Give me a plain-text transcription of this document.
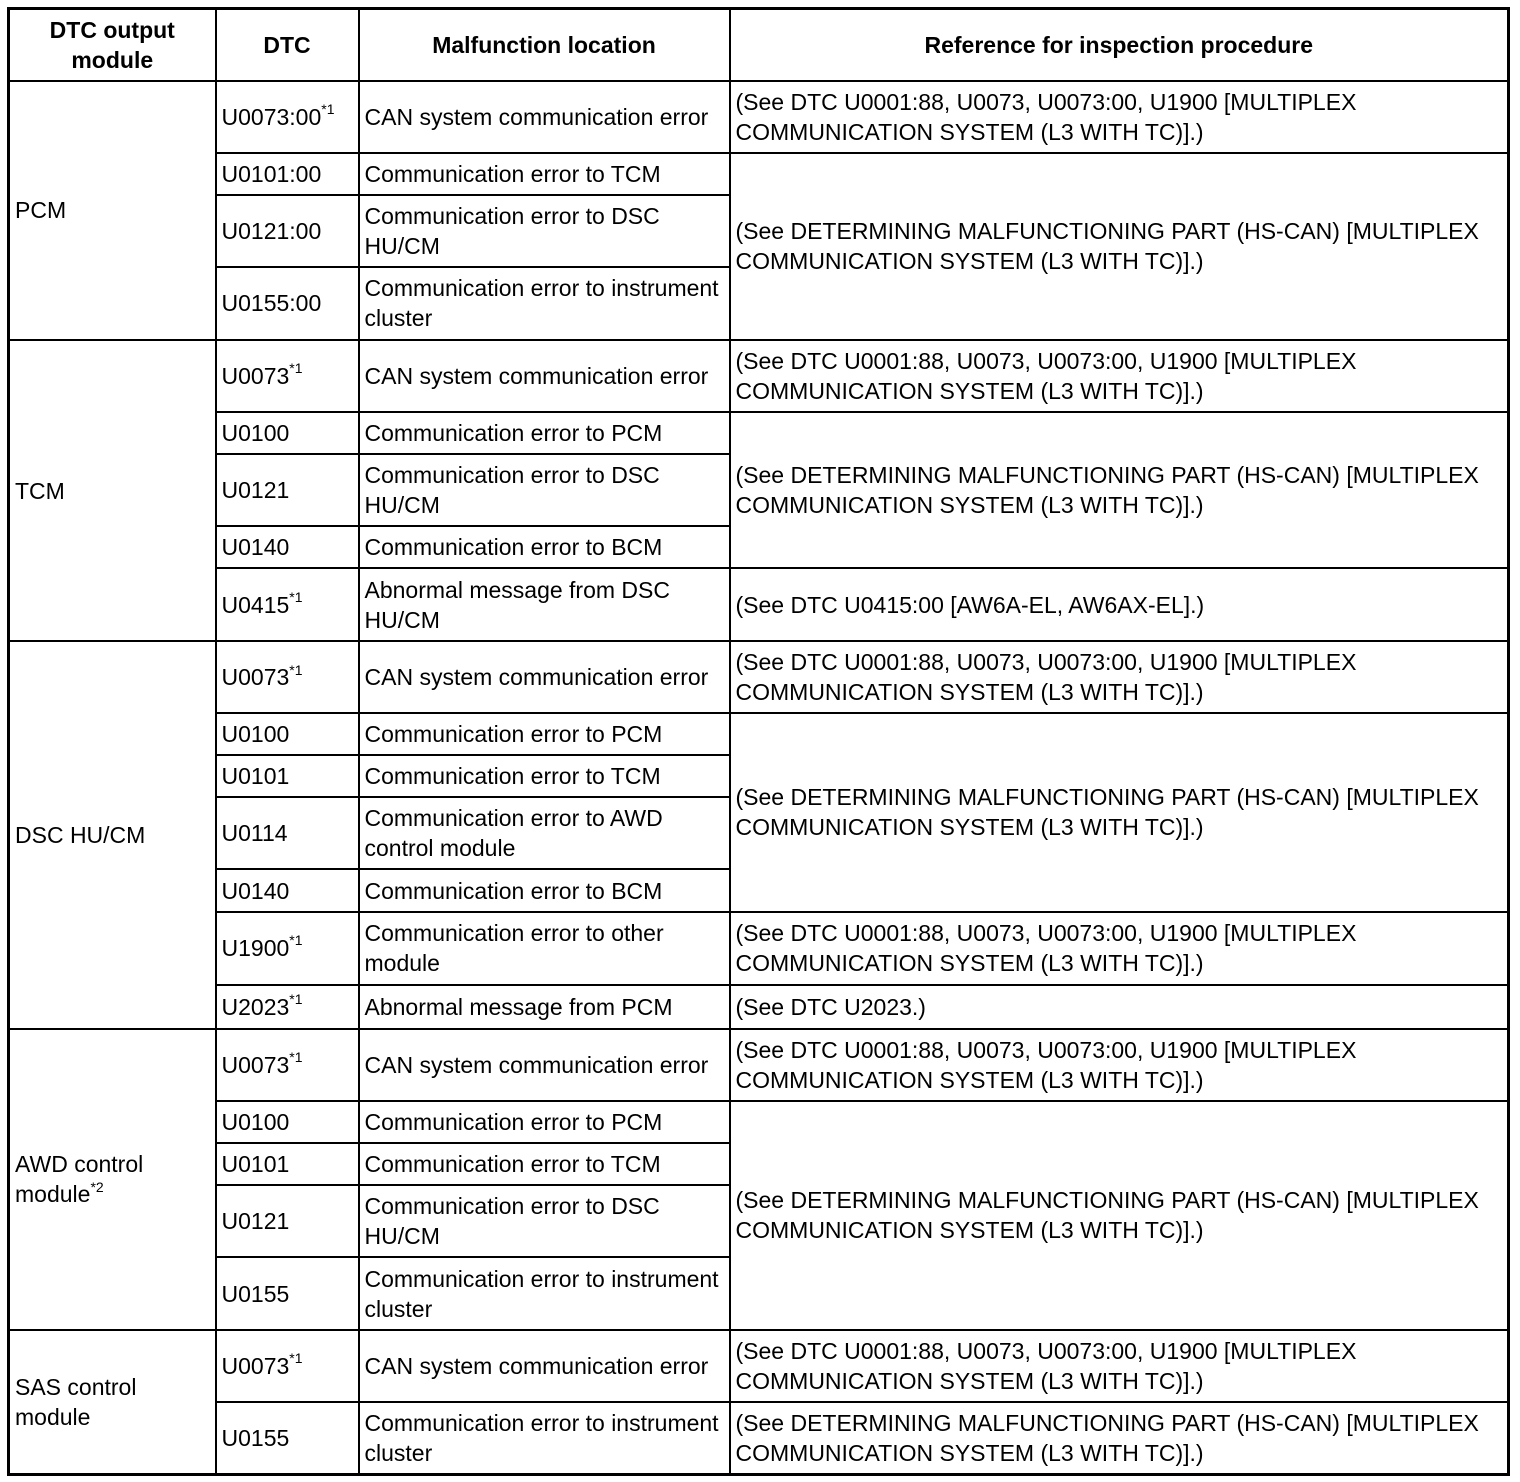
DTC output module	DTC	Malfunction location	Reference for inspection procedure
PCM	U0073:00$^{*1}$	CAN system communication error	(See DTC U0001:88, U0073, U0073:00, U1900 [MULTIPLEX COMMUNICATION SYSTEM (L3 WITH TC)].)
	U0101:00	Communication error to TCM	(See DETERMINING MALFUNCTIONING PART (HS-CAN) [MULTIPLEX COMMUNICATION SYSTEM (L3 WITH TC)].)
	U0121:00	Communication error to DSC HU/CM	
	U0155:00	Communication error to instrument cluster	
TCM	U0073$^{*1}$	CAN system communication error	(See DTC U0001:88, U0073, U0073:00, U1900 [MULTIPLEX COMMUNICATION SYSTEM (L3 WITH TC)].)
	U0100	Communication error to PCM	(See DETERMINING MALFUNCTIONING PART (HS-CAN) [MULTIPLEX COMMUNICATION SYSTEM (L3 WITH TC)].)
	U0121	Communication error to DSC HU/CM	
	U0140	Communication error to BCM	
	U0415$^{*1}$	Abnormal message from DSC HU/CM	(See DTC U0415:00 [AW6A-EL, AW6AX-EL].)
DSC HU/CM	U0073$^{*1}$	CAN system communication error	(See DTC U0001:88, U0073, U0073:00, U1900 [MULTIPLEX COMMUNICATION SYSTEM (L3 WITH TC)].)
	U0100	Communication error to PCM	(See DETERMINING MALFUNCTIONING PART (HS-CAN) [MULTIPLEX COMMUNICATION SYSTEM (L3 WITH TC)].)
	U0101	Communication error to TCM	
	U0114	Communication error to AWD control module	
	U0140	Communication error to BCM	
	U1900$^{*1}$	Communication error to other module	(See DTC U0001:88, U0073, U0073:00, U1900 [MULTIPLEX COMMUNICATION SYSTEM (L3 WITH TC)].)
	U2023$^{*1}$	Abnormal message from PCM	(See DTC U2023.)
AWD control module$^{*2}$	U0073$^{*1}$	CAN system communication error	(See DTC U0001:88, U0073, U0073:00, U1900 [MULTIPLEX COMMUNICATION SYSTEM (L3 WITH TC)].)
	U0100	Communication error to PCM	(See DETERMINING MALFUNCTIONING PART (HS-CAN) [MULTIPLEX COMMUNICATION SYSTEM (L3 WITH TC)].)
	U0101	Communication error to TCM	
	U0121	Communication error to DSC HU/CM	
	U0155	Communication error to instrument cluster	
SAS control module	U0073$^{*1}$	CAN system communication error	(See DTC U0001:88, U0073, U0073:00, U1900 [MULTIPLEX COMMUNICATION SYSTEM (L3 WITH TC)].)
	U0155	Communication error to instrument cluster	(See DETERMINING MALFUNCTIONING PART (HS-CAN) [MULTIPLEX COMMUNICATION SYSTEM (L3 WITH TC)].)
